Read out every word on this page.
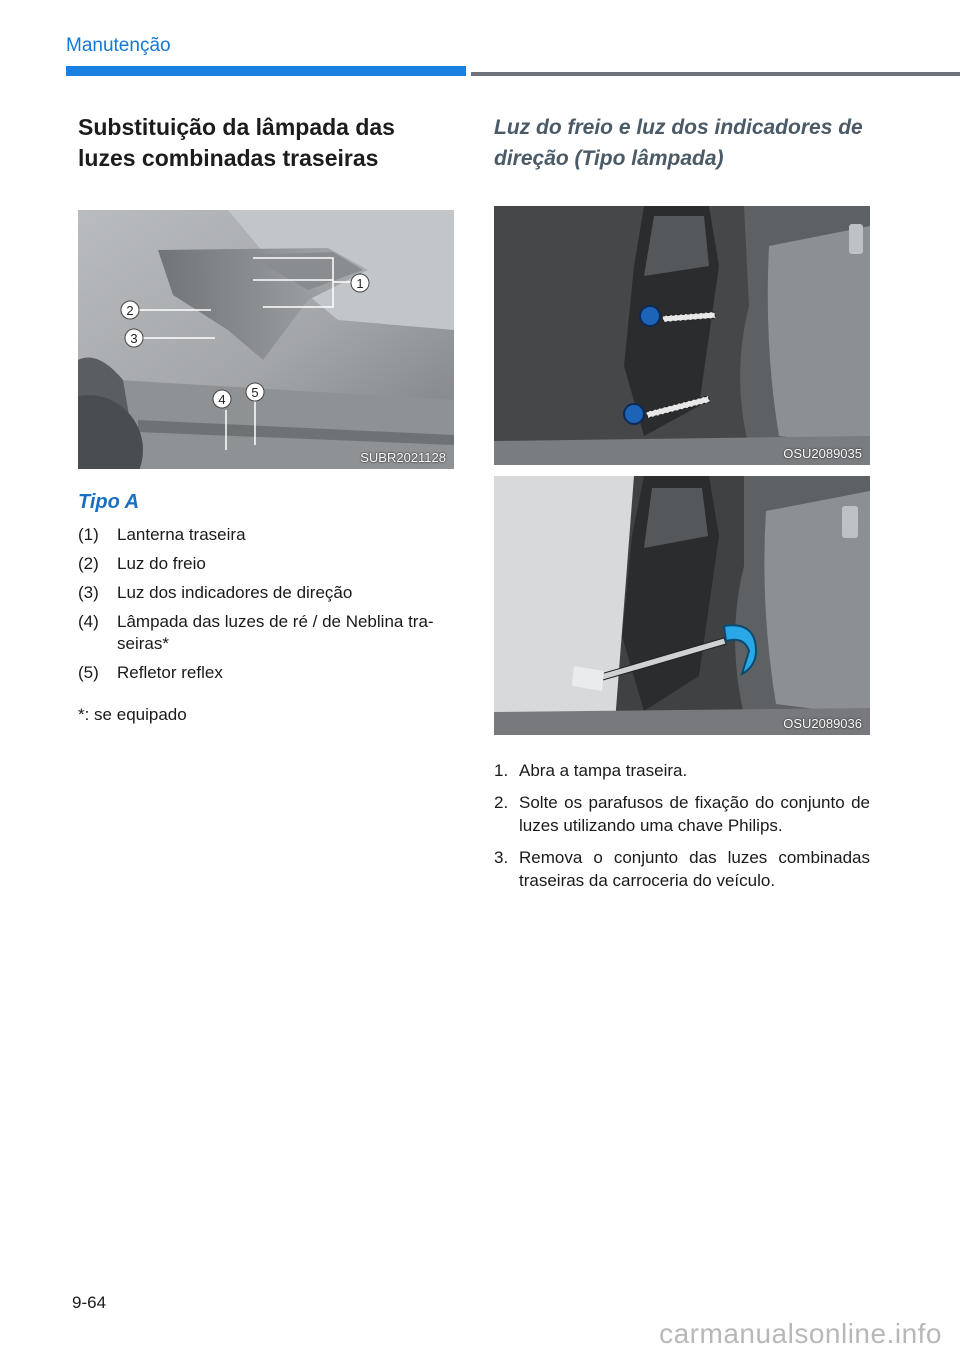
Manutenção
Substituição da lâmpada das luzes combinadas traseiras
1
2
3
4 5
SUBR2021128
Tipo A
(1)	Lanterna traseira
(2)	Luz do freio
(3)	Luz dos indicadores de direção
(4)	Lâmpada das luzes de ré / de Neblina tra-seiras*
(5)	Refletor reflex
*: se equipado
Luz do freio e luz dos indicadores de direção (Tipo lâmpada)
OSU2089035
OSU2089036
1. Abra a tampa traseira.
2. Solte os parafusos de fixação do conjunto de luzes utilizando uma chave Philips.
3. Remova o conjunto das luzes combinadas traseiras da carroceria do veículo.
9-64
carmanualsonline.info
